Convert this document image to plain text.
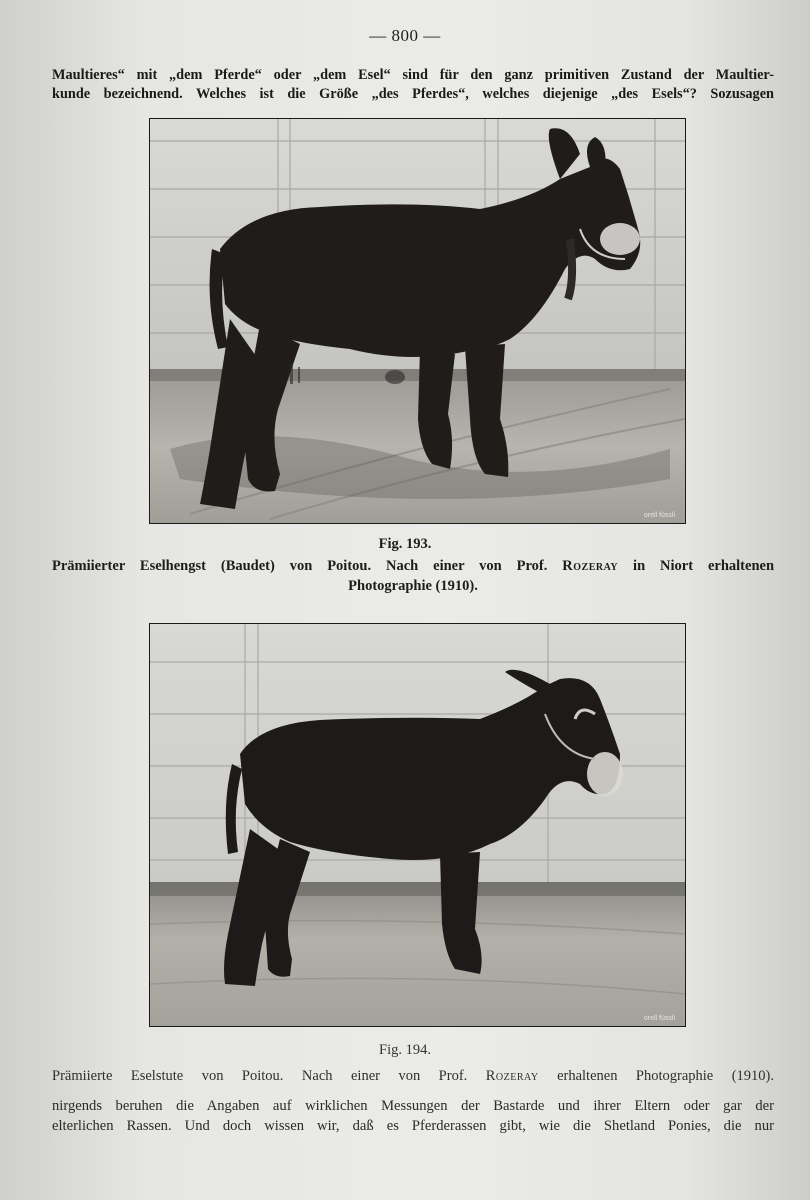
— 800 —
Maultieres“ mit „dem Pferde“ oder „dem Esel“ sind für den ganz primitiven Zustand der Maultier-
kunde bezeichnend. Welches ist die Größe „des Pferdes“, welches diejenige „des Esels“? Sozusagen
orell füssli
Fig. 193.
Prämiierter Eselhengst (Baudet) von Poitou. Nach einer von Prof. Rozeray in Niort erhaltenen
Photographie (1910).
orell füssli
Fig. 194.
Prämiierte Eselstute von Poitou. Nach einer von Prof. Rozeray erhaltenen Photographie (1910).
nirgends beruhen die Angaben auf wirklichen Messungen der Bastarde und ihrer Eltern oder gar der
elterlichen Rassen. Und doch wissen wir, daß es Pferderassen gibt, wie die Shetland Ponies, die nur
